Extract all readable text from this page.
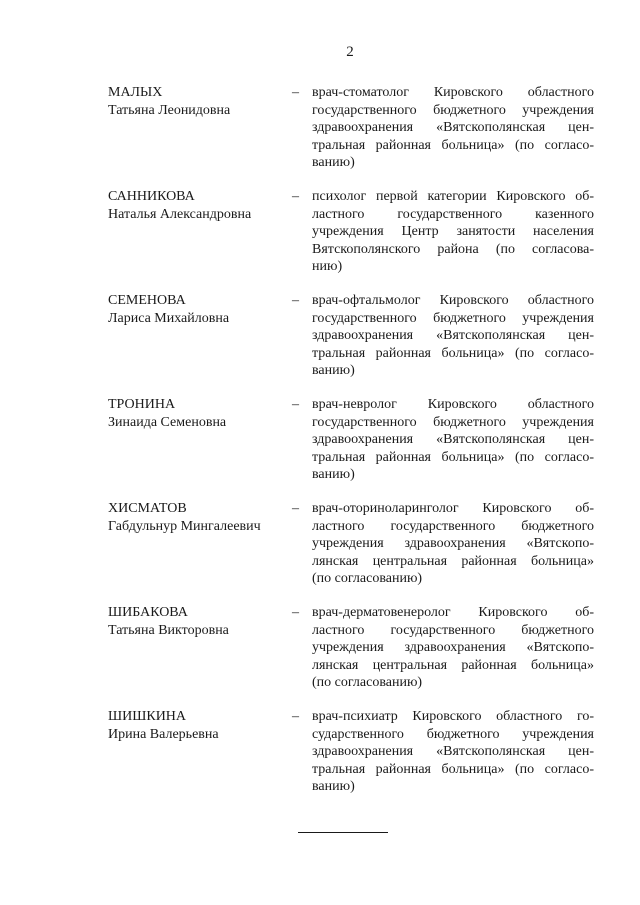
2
МАЛЫХ
Татьяна Леонидовна
– врач-стоматолог Кировского областного
государственного бюджетного учреждения
здравоохранения «Вятскополянская цен-
тральная районная больница» (по согласо-
ванию)
САННИКОВА
Наталья Александровна
– психолог первой категории Кировского об-
ластного государственного казенного
учреждения Центр занятости населения
Вятскополянского района (по согласова-
нию)
СЕМЕНОВА
Лариса Михайловна
– врач-офтальмолог Кировского областного
государственного бюджетного учреждения
здравоохранения «Вятскополянская цен-
тральная районная больница» (по согласо-
ванию)
ТРОНИНА
Зинаида Семеновна
– врач-невролог Кировского областного
государственного бюджетного учреждения
здравоохранения «Вятскополянская цен-
тральная районная больница» (по согласо-
ванию)
ХИСМАТОВ
Габдульнур Мингалеевич
– врач-оториноларинголог Кировского об-
ластного государственного бюджетного
учреждения здравоохранения «Вятскопо-
лянская центральная районная больница»
(по согласованию)
ШИБАКОВА
Татьяна Викторовна
– врач-дерматовенеролог Кировского об-
ластного государственного бюджетного
учреждения здравоохранения «Вятскопо-
лянская центральная районная больница»
(по согласованию)
ШИШКИНА
Ирина Валерьевна
– врач-психиатр Кировского областного го-
сударственного бюджетного учреждения
здравоохранения «Вятскополянская цен-
тральная районная больница» (по согласо-
ванию)
